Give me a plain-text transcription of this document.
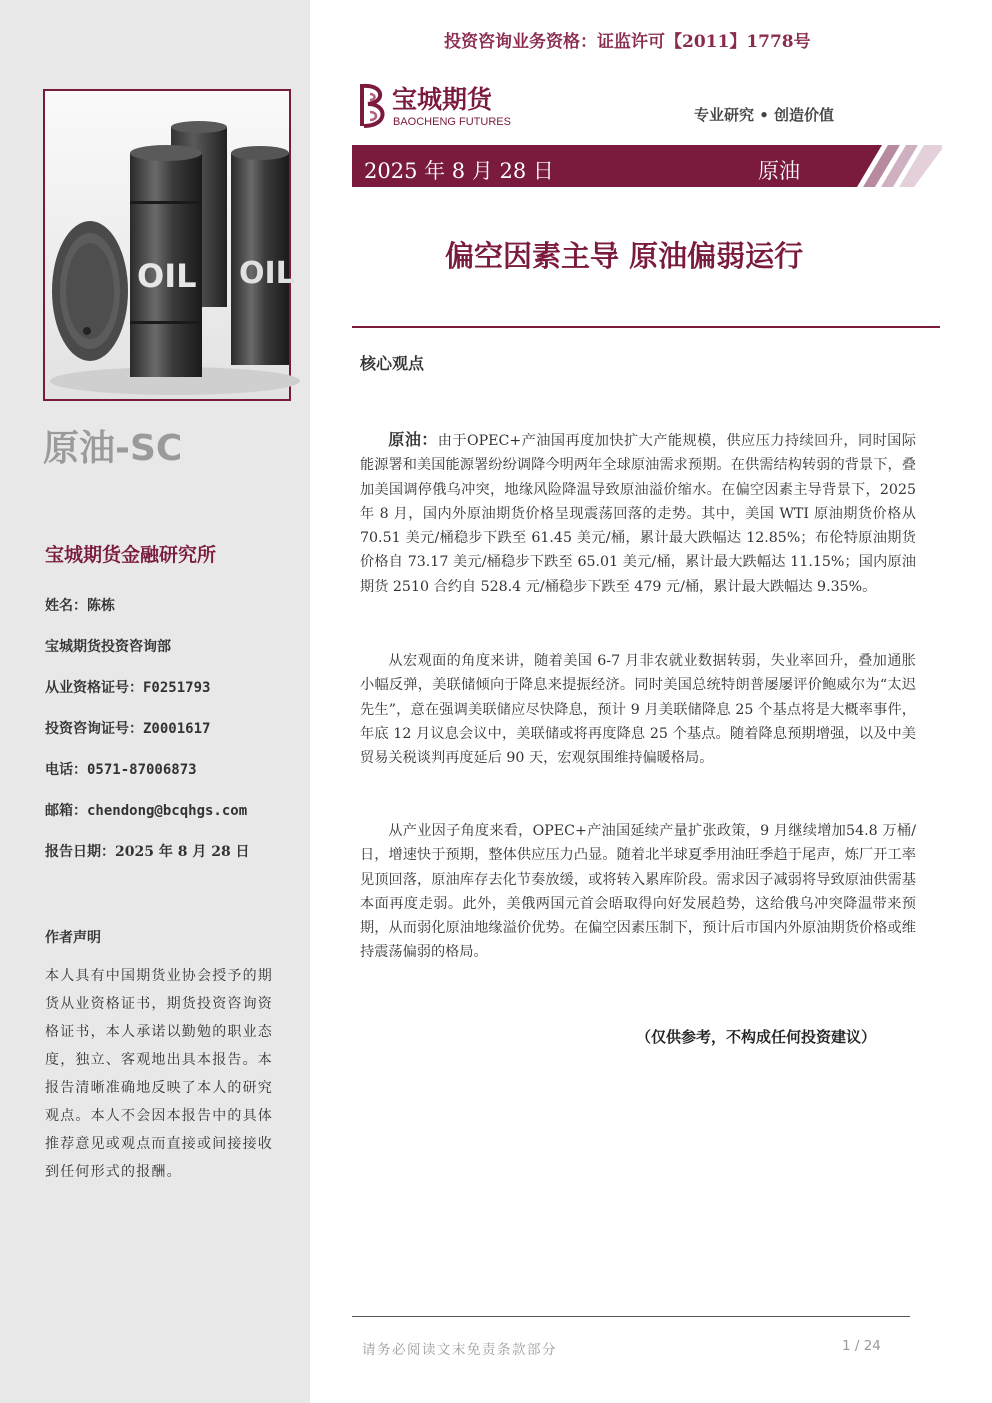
OIL
OIL
原油-SC
宝城期货金融研究所
姓名：陈栋
宝城期货投资咨询部
从业资格证号：F0251793
投资咨询证号：Z0001617
电话：0571-87006873
邮箱：chendong@bcqhgs.com
报告日期：2025 年 8 月 28 日
作者声明
本人具有中国期货业协会授予的期货从业资格证书，期货投资咨询资格证书，本人承诺以勤勉的职业态度，独立、客观地出具本报告。本报告清晰准确地反映了本人的研究观点。本人不会因本报告中的具体推荐意见或观点而直接或间接接收到任何形式的报酬。
投资咨询业务资格：证监许可【2011】1778号
宝城期货
BAOCHENG FUTURES	专业研究 • 创造价值
2025 年 8 月 28 日	原油
偏空因素主导 原油偏弱运行
核心观点

原油：由于OPEC+产油国再度加快扩大产能规模，供应压力持续回升，同时国际能源署和美国能源署纷纷调降今明两年全球原油需求预期。在供需结构转弱的背景下，叠加美国调停俄乌冲突，地缘风险降温导致原油溢价缩水。在偏空因素主导背景下，2025 年 8 月，国内外原油期货价格呈现震荡回落的走势。其中，美国 WTI 原油期货价格从 70.51 美元/桶稳步下跌至 61.45 美元/桶，累计最大跌幅达 12.85%；布伦特原油期货价格自 73.17 美元/桶稳步下跌至 65.01 美元/桶，累计最大跌幅达 11.15%；国内原油期货 2510 合约自 528.4 元/桶稳步下跌至 479 元/桶，累计最大跌幅达 9.35%。

从宏观面的角度来讲，随着美国 6-7 月非农就业数据转弱，失业率回升，叠加通胀小幅反弹，美联储倾向于降息来提振经济。同时美国总统特朗普屡屡评价鲍威尔为“太迟先生”，意在强调美联储应尽快降息，预计 9 月美联储降息 25 个基点将是大概率事件，年底 12 月议息会议中，美联储或将再度降息 25 个基点。随着降息预期增强，以及中美贸易关税谈判再度延后 90 天，宏观氛围维持偏暖格局。

从产业因子角度来看，OPEC+产油国延续产量扩张政策，9 月继续增加54.8 万桶/日，增速快于预期，整体供应压力凸显。随着北半球夏季用油旺季趋于尾声，炼厂开工率见顶回落，原油库存去化节奏放缓，或将转入累库阶段。需求因子减弱将导致原油供需基本面再度走弱。此外，美俄两国元首会晤取得向好发展趋势，这给俄乌冲突降温带来预期，从而弱化原油地缘溢价优势。在偏空因素压制下，预计后市国内外原油期货价格或维持震荡偏弱的格局。

（仅供参考，不构成任何投资建议）
请务必阅读文末免责条款部分	1 / 24
